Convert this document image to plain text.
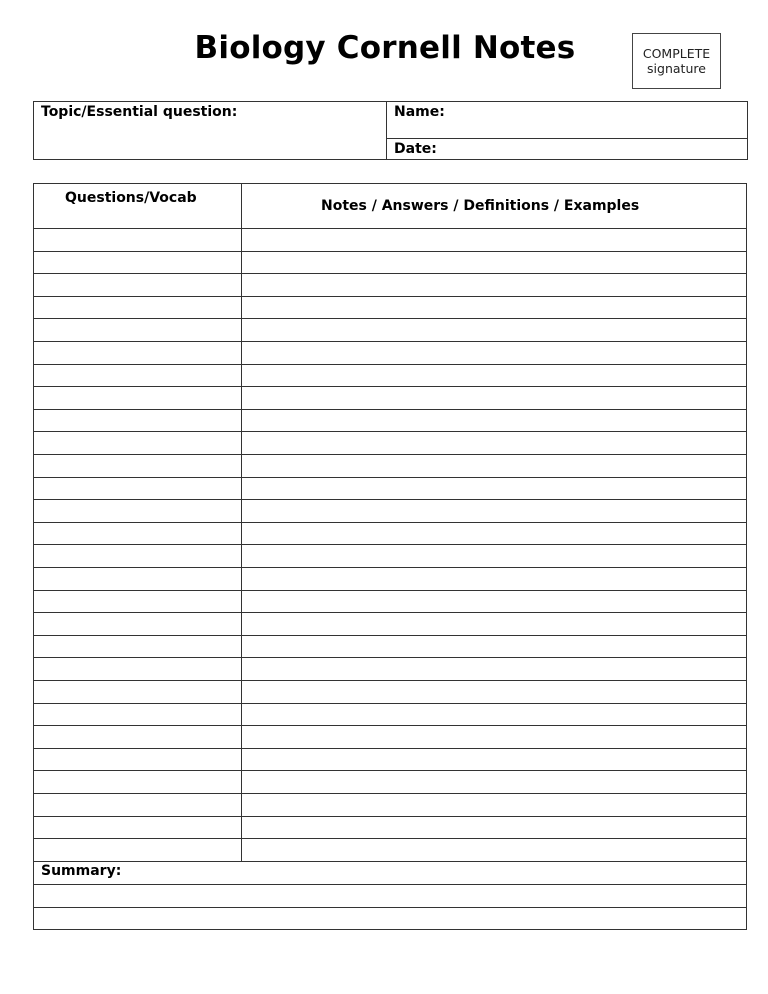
Biology Cornell Notes	COMPLETE
signature
Topic/Essential question:	Name:
Date:
Questions/Vocab	Notes / Answers / Definitions / Examples
Summary:
